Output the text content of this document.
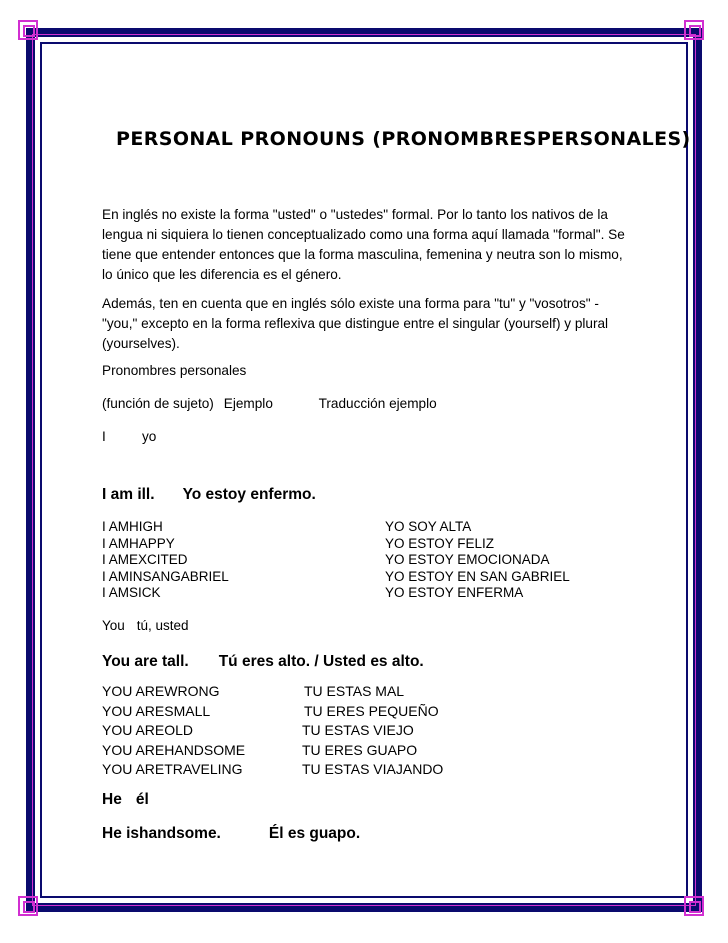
PERSONAL PRONOUNS (PRONOMBRESPERSONALES)

En inglés no existe la forma "usted" o "ustedes" formal. Por lo tanto los nativos de la lengua ni siquiera lo tienen conceptualizado como una forma aquí llamada "formal". Se tiene que entender entonces que la forma masculina, femenina y neutra son lo mismo, lo único que les diferencia es el género.

Además, ten en cuenta que en inglés sólo existe una forma para "tu" y "vosotros" - "you," excepto en la forma reflexiva que distingue entre el singular (yourself) y plural (yourselves).

Pronombres personales

(función de sujeto) Ejemplo	Traducción ejemplo

I	yo

I am ill. Yo estoy enfermo.
I AMHIGH	YO SOY ALTA
I AMHAPPY	YO ESTOY FELIZ
I AMEXCITED	YO ESTOY EMOCIONADA
I AMINSANGABRIEL	YO ESTOY EN SAN GABRIEL
I AMSICK	YO ESTOY ENFERMA
You tú, usted
You are tall. Tú eres alto. / Usted es alto.
YOU AREWRONG	TU ESTAS MAL
YOU ARESMALL	TU ERES PEQUEÑO
YOU AREOLD	TU ESTAS VIEJO
YOU AREHANDSOME	TU ERES GUAPO
YOU ARETRAVELING	TU ESTAS VIAJANDO
He él
He ishandsome.	Él es guapo.
